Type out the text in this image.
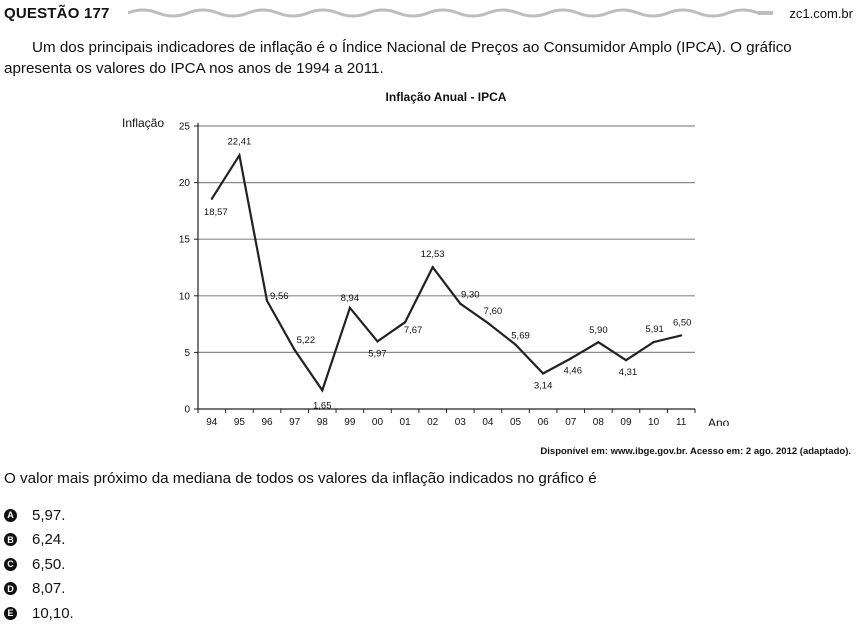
QUESTÃO 177	zc1.com.br
Um dos principais indicadores de inflação é o Índice Nacional de Preços ao Consumidor Amplo (IPCA). O gráfico
apresenta os valores do IPCA nos anos de 1994 a 2011.
Inflação Anual - IPCA
Inflação
Ano
0
5
10
15
20
25
94 95 96 97 98 99 00 01 02 03 04 05 06 07 08 09 10 11
18,57
22,41
9,56
5,22
1,65
8,94
5,97
7,67
12,53
9,30
7,60
5,69
3,14
4,46
5,90
4,31
5,91
6,50
Disponível em: www.ibge.gov.br. Acesso em: 2 ago. 2012 (adaptado).
O valor mais próximo da mediana de todos os valores da inflação indicados no gráfico é
A 5,97.
B 6,24.
C 6,50.
D 8,07.
E 10,10.
